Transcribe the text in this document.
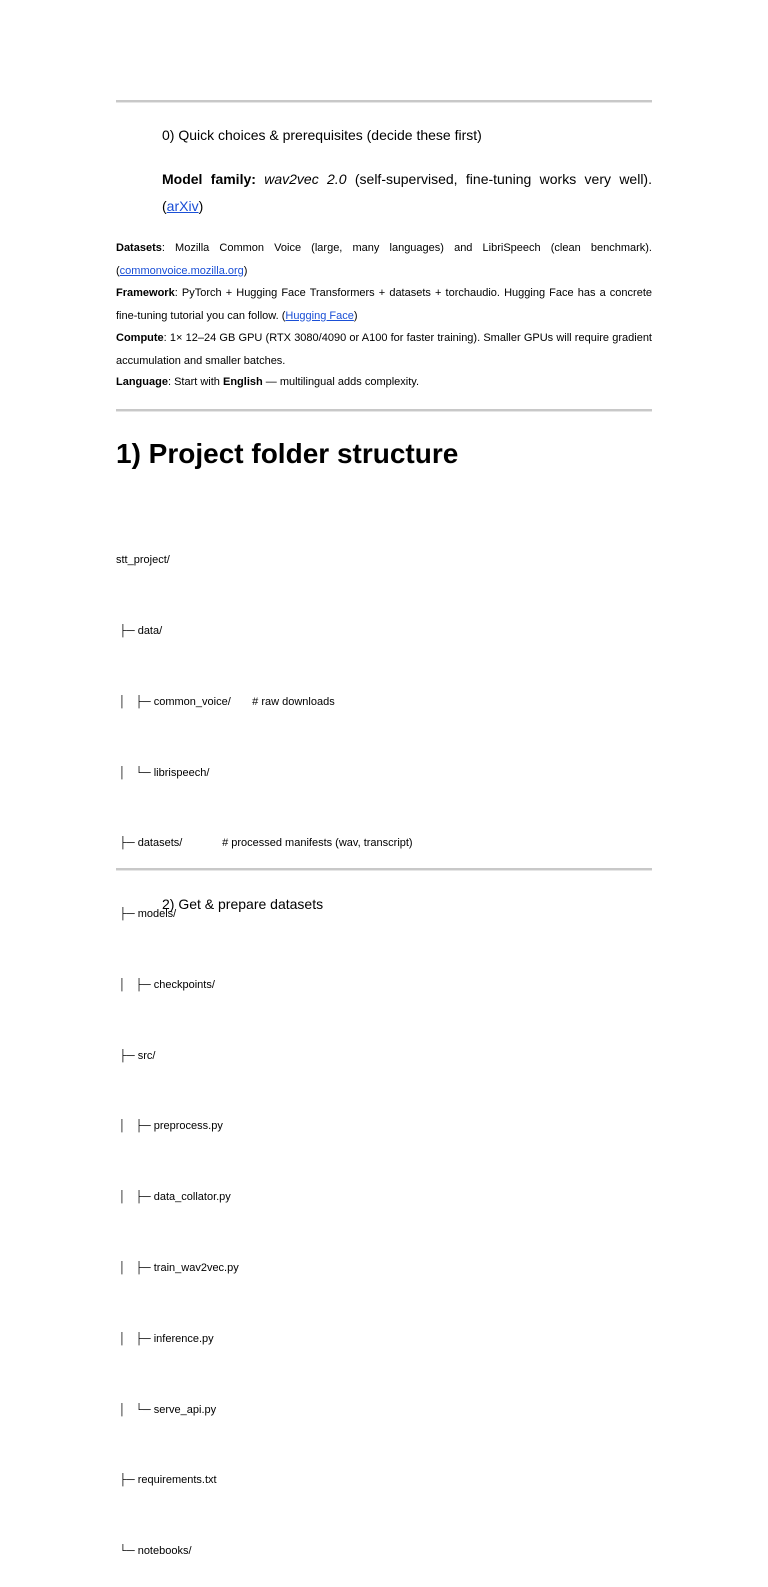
0) Quick choices & prerequisites (decide these first)
Model family: wav2vec 2.0 (self-supervised, fine-tuning works very well). (arXiv)
Datasets: Mozilla Common Voice (large, many languages) and LibriSpeech (clean benchmark). (commonvoice.mozilla.org)
Framework: PyTorch + Hugging Face Transformers + datasets + torchaudio. Hugging Face has a concrete fine-tuning tutorial you can follow. (Hugging Face)
Compute: 1× 12–24 GB GPU (RTX 3080/4090 or A100 for faster training). Smaller GPUs will require gradient accumulation and smaller batches.
Language: Start with English — multilingual adds complexity.
1) Project folder structure

stt_project/

├─ data/

│   ├─ common_voice/       # raw downloads

│   └─ librispeech/

├─ datasets/             # processed manifests (wav, transcript)

├─ models/

│   ├─ checkpoints/

├─ src/

│   ├─ preprocess.py

│   ├─ data_collator.py

│   ├─ train_wav2vec.py

│   ├─ inference.py

│   └─ serve_api.py

├─ requirements.txt

└─ notebooks/

2) Get & prepare datasets
